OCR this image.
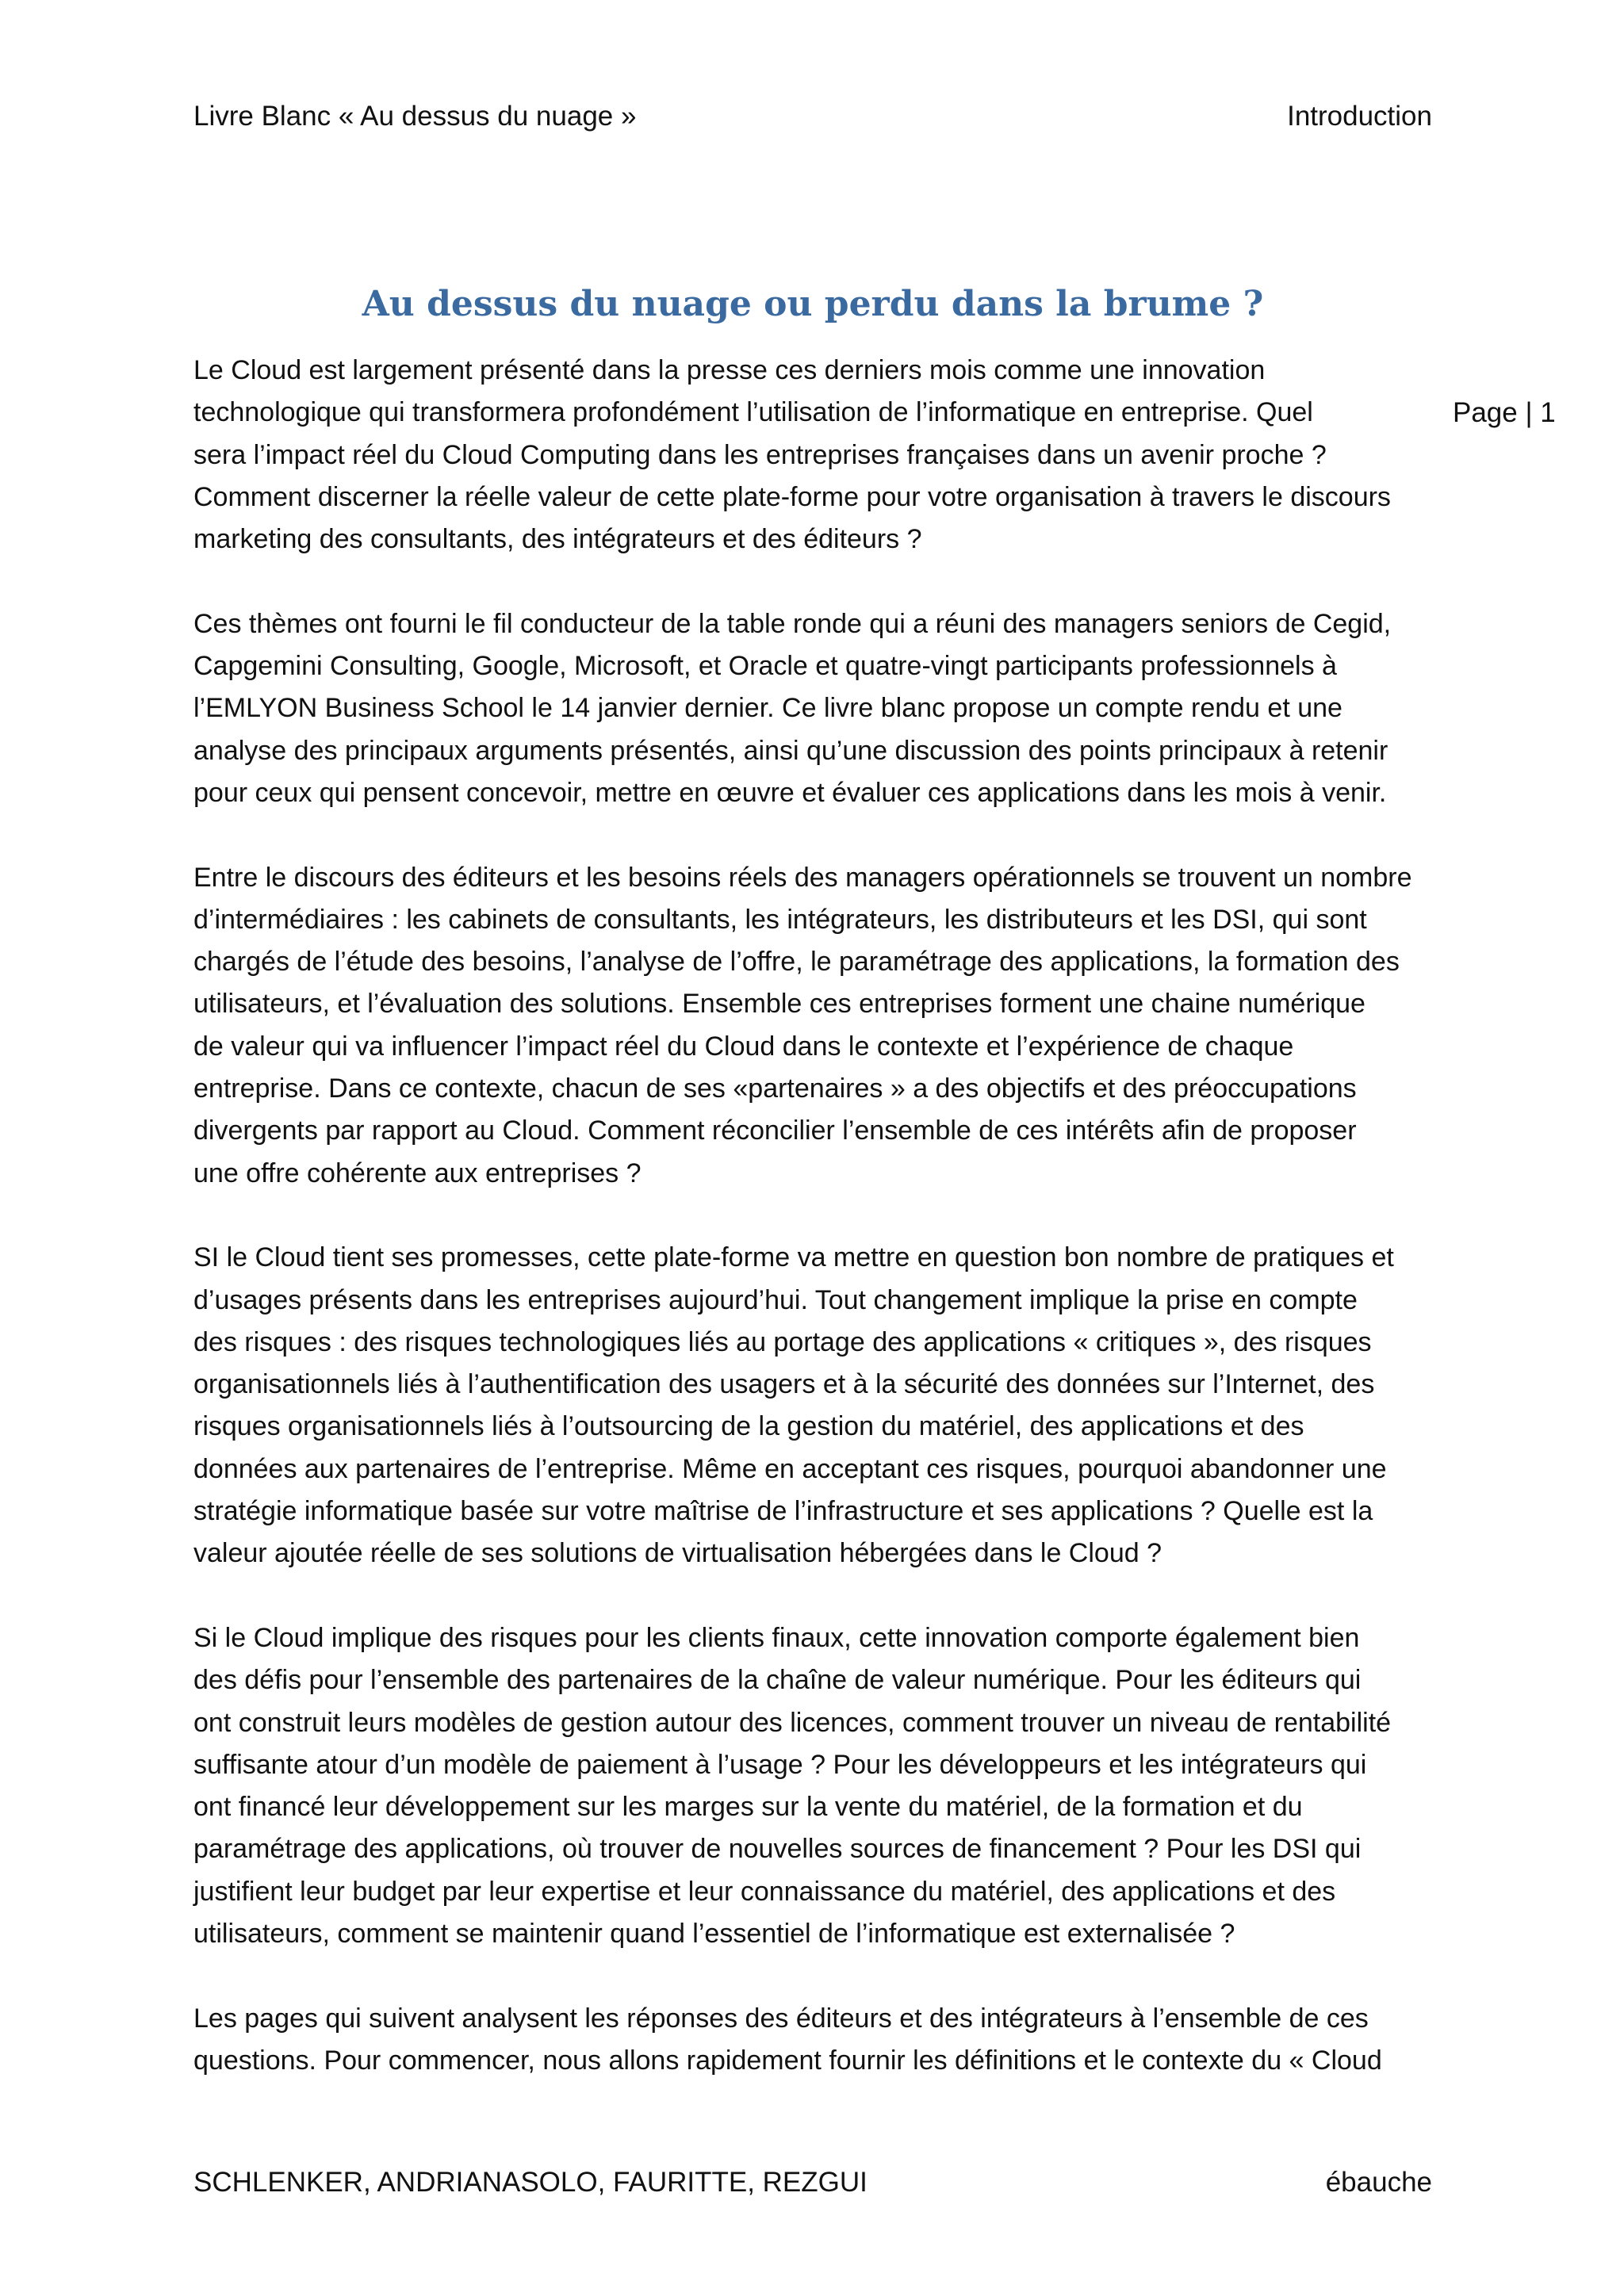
Livre Blanc « Au dessus du nuage »	Introduction
Page | 1
Au dessus du nuage ou perdu dans la brume ?

Le Cloud est largement présenté dans la presse ces derniers mois comme une innovation
technologique qui transformera profondément l’utilisation de l’informatique en entreprise. Quel
sera l’impact réel du Cloud Computing dans les entreprises françaises dans un avenir proche ?
Comment discerner la réelle valeur de cette plate-forme pour votre organisation à travers le discours
marketing des consultants, des intégrateurs et des éditeurs ?

Ces thèmes ont fourni le fil conducteur de la table ronde qui a réuni des managers seniors de Cegid,
Capgemini Consulting, Google, Microsoft, et Oracle et quatre-vingt participants professionnels à
l’EMLYON Business School le 14 janvier dernier. Ce livre blanc propose un compte rendu et une
analyse des principaux arguments présentés, ainsi qu’une discussion des points principaux à retenir
pour ceux qui pensent concevoir, mettre en œuvre et évaluer ces applications dans les mois à venir.

Entre le discours des éditeurs et les besoins réels des managers opérationnels se trouvent un nombre
d’intermédiaires : les cabinets de consultants, les intégrateurs, les distributeurs et les DSI, qui sont
chargés de l’étude des besoins, l’analyse de l’offre, le paramétrage des applications, la formation des
utilisateurs, et l’évaluation des solutions. Ensemble ces entreprises forment une chaine numérique
de valeur qui va influencer l’impact réel du Cloud dans le contexte et l’expérience de chaque
entreprise. Dans ce contexte, chacun de ses «partenaires » a des objectifs et des préoccupations
divergents par rapport au Cloud. Comment réconcilier l’ensemble de ces intérêts afin de proposer
une offre cohérente aux entreprises ?

SI le Cloud tient ses promesses, cette plate-forme va mettre en question bon nombre de pratiques et
d’usages présents dans les entreprises aujourd’hui. Tout changement implique la prise en compte
des risques : des risques technologiques liés au portage des applications « critiques », des risques
organisationnels liés à l’authentification des usagers et à la sécurité des données sur l’Internet, des
risques organisationnels liés à l’outsourcing de la gestion du matériel, des applications et des
données aux partenaires de l’entreprise. Même en acceptant ces risques, pourquoi abandonner une
stratégie informatique basée sur votre maîtrise de l’infrastructure et ses applications ? Quelle est la
valeur ajoutée réelle de ses solutions de virtualisation hébergées dans le Cloud ?

Si le Cloud implique des risques pour les clients finaux, cette innovation comporte également bien
des défis pour l’ensemble des partenaires de la chaîne de valeur numérique. Pour les éditeurs qui
ont construit leurs modèles de gestion autour des licences, comment trouver un niveau de rentabilité
suffisante atour d’un modèle de paiement à l’usage ? Pour les développeurs et les intégrateurs qui
ont financé leur développement sur les marges sur la vente du matériel, de la formation et du
paramétrage des applications, où trouver de nouvelles sources de financement ? Pour les DSI qui
justifient leur budget par leur expertise et leur connaissance du matériel, des applications et des
utilisateurs, comment se maintenir quand l’essentiel de l’informatique est externalisée ?

Les pages qui suivent analysent les réponses des éditeurs et des intégrateurs à l’ensemble de ces
questions. Pour commencer, nous allons rapidement fournir les définitions et le contexte du « Cloud

SCHLENKER, ANDRIANASOLO, FAURITTE, REZGUI	ébauche
